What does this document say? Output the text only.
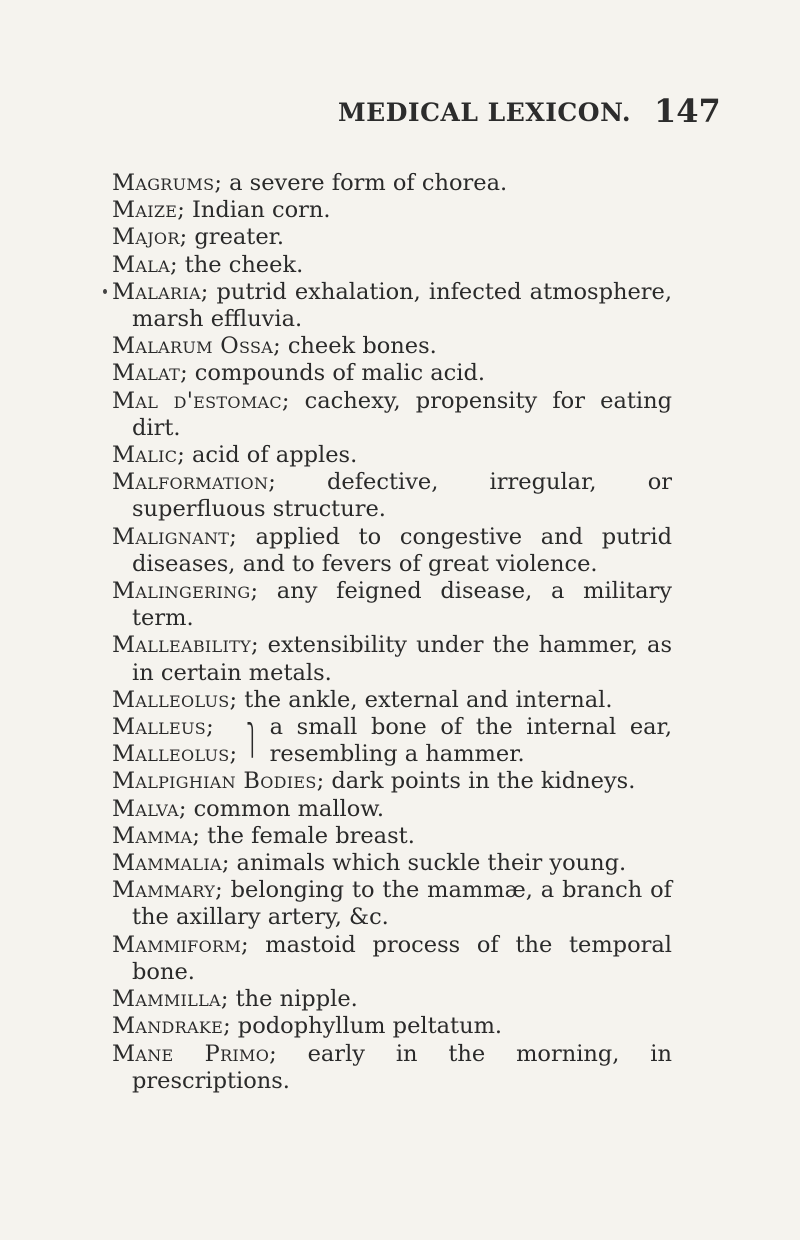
MEDICAL LEXICON. 147

Magrums; a severe form of chorea.

Maize; Indian corn.

Major; greater.

Mala; the cheek.

Malaria; putrid exhalation, infected atmosphere, marsh effluvia.

Malarum Ossa; cheek bones.

Malat; compounds of malic acid.

Mal d'estomac; cachexy, propensity for eating dirt.

Malic; acid of apples.

Malformation; defective, irregular, or superfluous structure.

Malignant; applied to congestive and putrid diseases, and to fevers of great violence.

Malingering; any feigned disease, a military term.

Malleability; extensibility under the hammer, as in certain metals.

Malleolus; the ankle, external and internal.

Malleus;
Malleolus; ⎫ a small bone of the internal ear, resembling a hammer.

Malpighian Bodies; dark points in the kidneys.

Malva; common mallow.

Mamma; the female breast.

Mammalia; animals which suckle their young.

Mammary; belonging to the mammæ, a branch of the axillary artery, &c.

Mammiform; mastoid process of the temporal bone.

Mammilla; the nipple.

Mandrake; podophyllum peltatum.

Mane Primo; early in the morning, in prescriptions.
